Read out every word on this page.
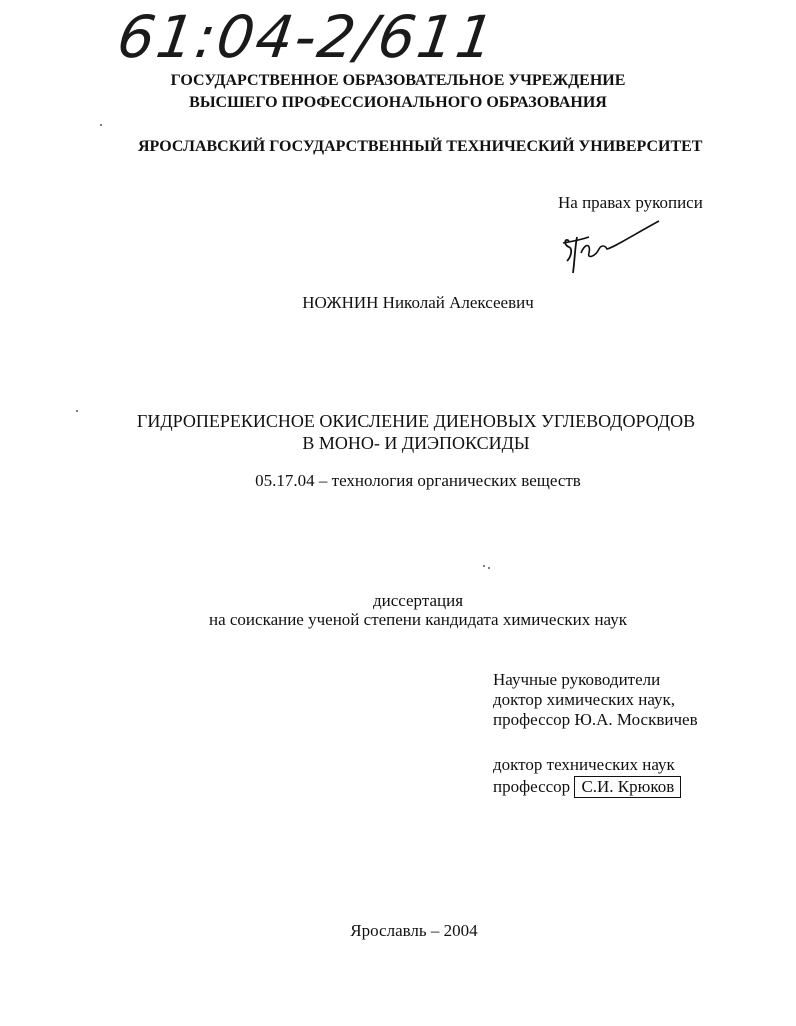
61:04-2/611
ГОСУДАРСТВЕННОЕ ОБРАЗОВАТЕЛЬНОЕ УЧРЕЖДЕНИЕ
ВЫСШЕГО ПРОФЕССИОНАЛЬНОГО ОБРАЗОВАНИЯ
ЯРОСЛАВСКИЙ ГОСУДАРСТВЕННЫЙ ТЕХНИЧЕСКИЙ УНИВЕРСИТЕТ
На правах рукописи
НОЖНИН Николай Алексеевич
ГИДРОПЕРЕКИСНОЕ ОКИСЛЕНИЕ ДИЕНОВЫХ УГЛЕВОДОРОДОВ
В МОНО- И ДИЭПОКСИДЫ
05.17.04 – технология органических веществ
диссертация
на соискание ученой степени кандидата химических наук
Научные руководители
доктор химических наук,
профессор Ю.А. Москвичев
доктор технических наук
профессор С.И. Крюков
Ярославль – 2004
